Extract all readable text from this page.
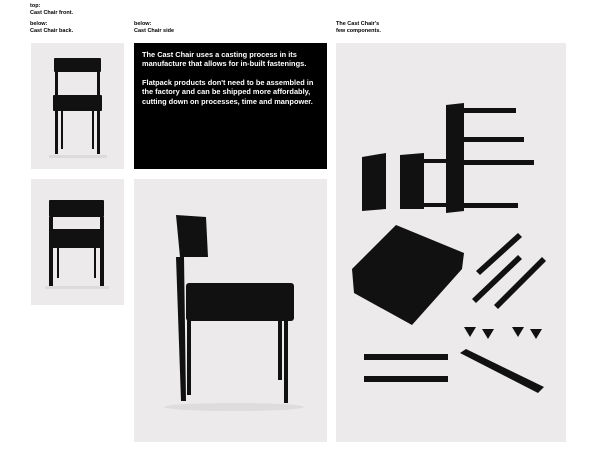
top:
Cast Chair front.
below:
Cast Chair back.
below:
Cast Chair side
The Cast Chair's
few components.

The Cast Chair uses a casting process in its manufacture that allows for in-built fastenings.

Flatpack products don't need to be assembled in the factory and can be shipped more affordably, cutting down on processes, time and manpower.
